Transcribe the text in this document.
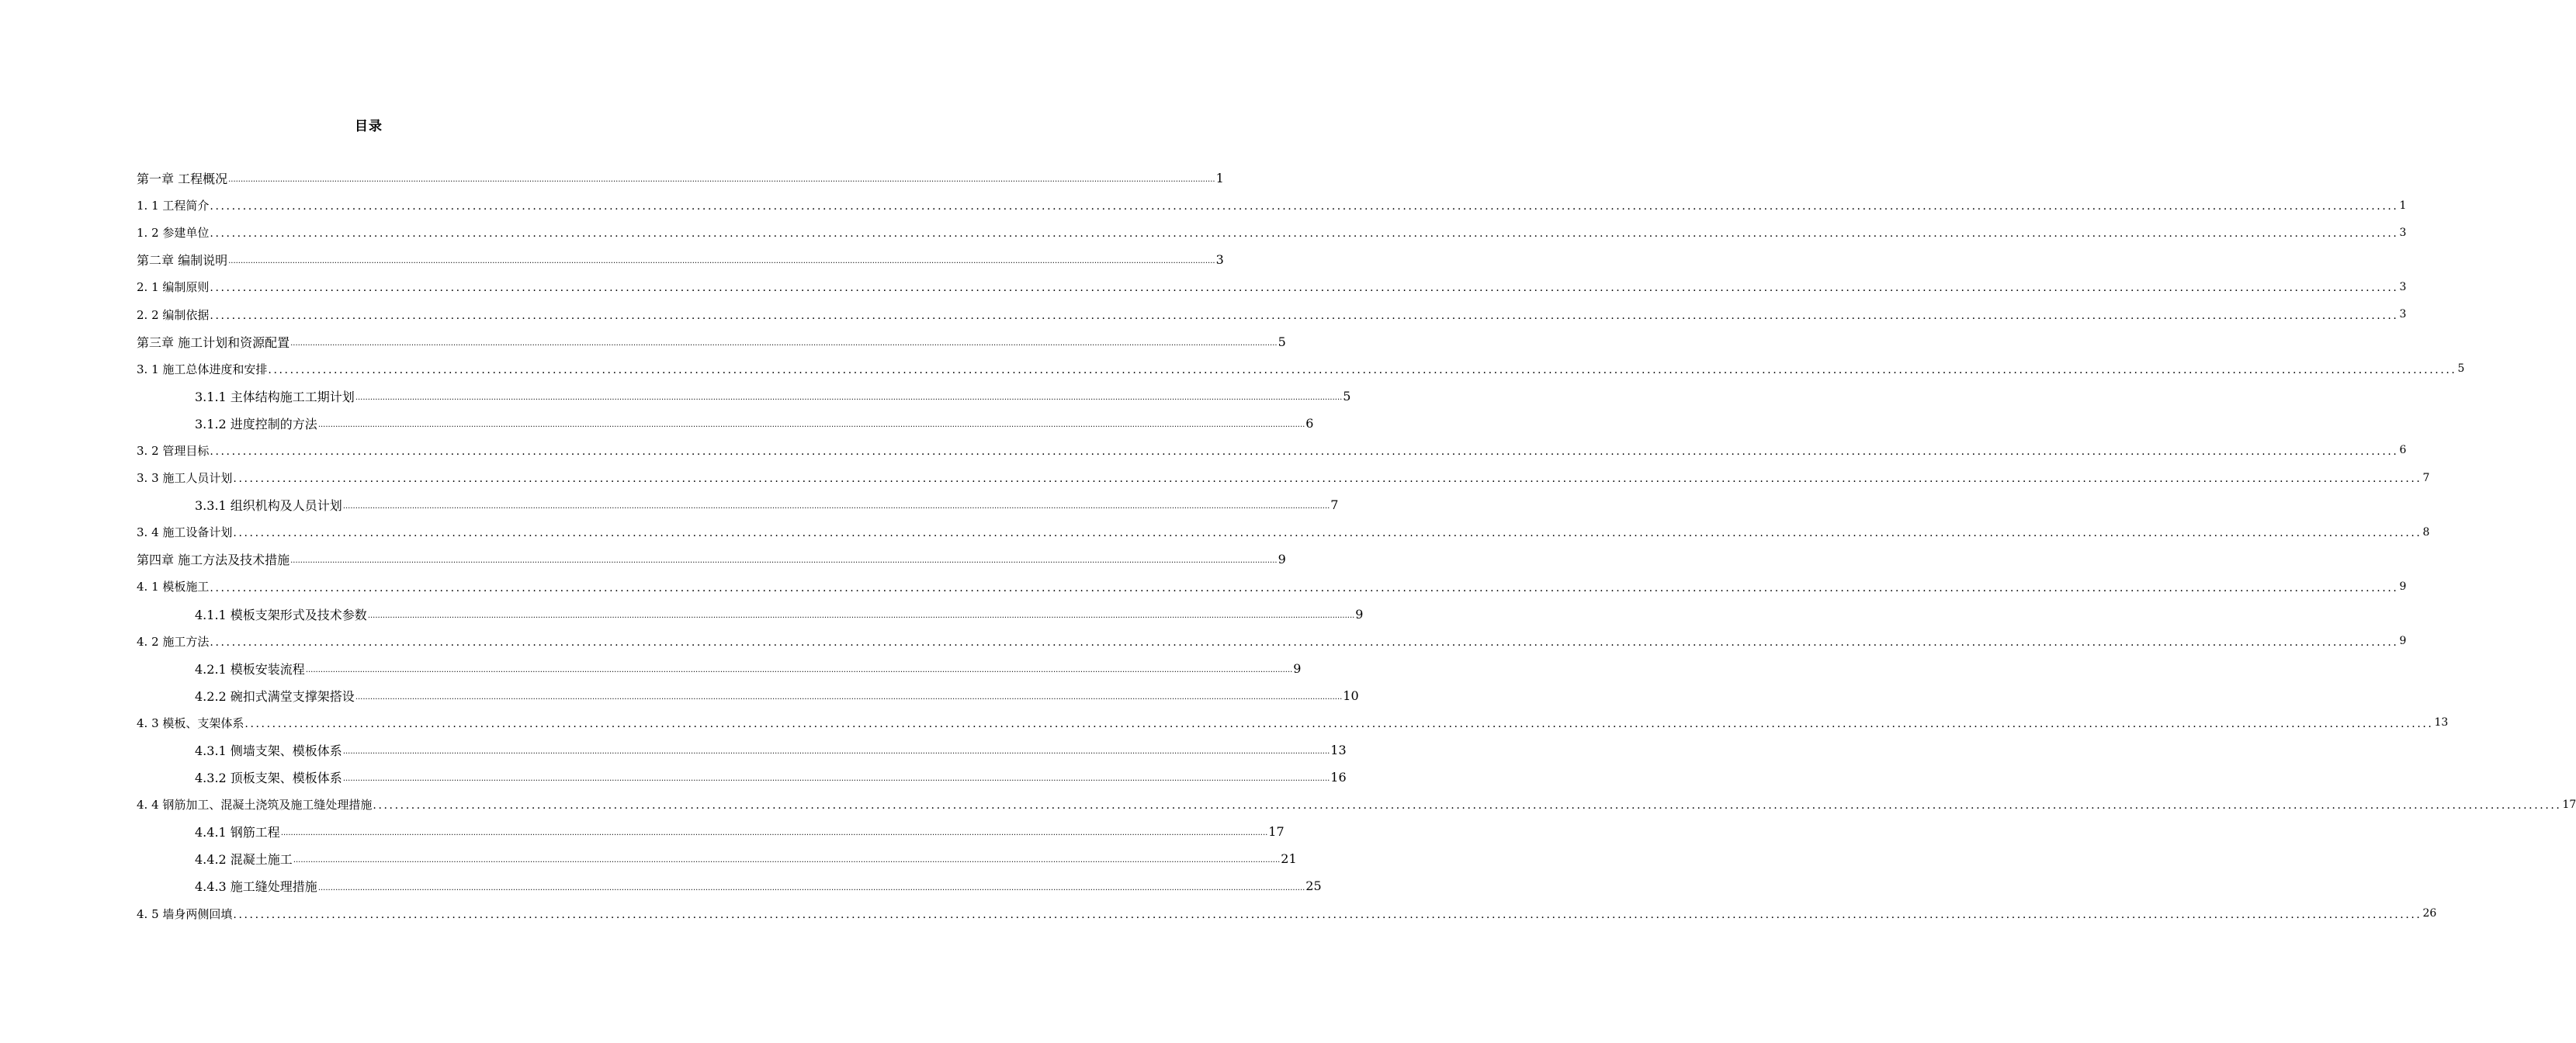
目录
第一章 工程概况 ................................................................................................................................................................................................................................................................................................................................................................................................................ 1
1. 1 工程简介 ................................................................................................................................................................................................................................................................................................................................................................................................................ 1
1. 2 参建单位 ................................................................................................................................................................................................................................................................................................................................................................................................................ 3
第二章 编制说明 ................................................................................................................................................................................................................................................................................................................................................................................................................ 3
2. 1 编制原则 ................................................................................................................................................................................................................................................................................................................................................................................................................ 3
2. 2 编制依据 ................................................................................................................................................................................................................................................................................................................................................................................................................ 3
第三章 施工计划和资源配置 ................................................................................................................................................................................................................................................................................................................................................................................................................ 5
3. 1 施工总体进度和安排 ................................................................................................................................................................................................................................................................................................................................................................................................................ 5
3.1.1 主体结构施工工期计划 ................................................................................................................................................................................................................................................................................................................................................................................................................ 5
3.1.2 进度控制的方法 ................................................................................................................................................................................................................................................................................................................................................................................................................ 6
3. 2 管理目标 ................................................................................................................................................................................................................................................................................................................................................................................................................ 6
3. 3 施工人员计划 ................................................................................................................................................................................................................................................................................................................................................................................................................ 7
3.3.1 组织机构及人员计划 ................................................................................................................................................................................................................................................................................................................................................................................................................ 7
3. 4 施工设备计划 ................................................................................................................................................................................................................................................................................................................................................................................................................ 8
第四章 施工方法及技术措施 ................................................................................................................................................................................................................................................................................................................................................................................................................ 9
4. 1 模板施工 ................................................................................................................................................................................................................................................................................................................................................................................................................ 9
4.1.1 模板支架形式及技术参数 ................................................................................................................................................................................................................................................................................................................................................................................................................ 9
4. 2 施工方法 ................................................................................................................................................................................................................................................................................................................................................................................................................ 9
4.2.1 模板安装流程 ................................................................................................................................................................................................................................................................................................................................................................................................................ 9
4.2.2 碗扣式满堂支撑架搭设 ................................................................................................................................................................................................................................................................................................................................................................................................................ 10
4. 3 模板、支架体系 ................................................................................................................................................................................................................................................................................................................................................................................................................ 13
4.3.1 侧墙支架、模板体系 ................................................................................................................................................................................................................................................................................................................................................................................................................ 13
4.3.2 顶板支架、模板体系 ................................................................................................................................................................................................................................................................................................................................................................................................................ 16
4. 4 钢筋加工、混凝土浇筑及施工缝处理措施 ................................................................................................................................................................................................................................................................................................................................................................................................................ 17
4.4.1 钢筋工程 ................................................................................................................................................................................................................................................................................................................................................................................................................ 17
4.4.2 混凝土施工 ................................................................................................................................................................................................................................................................................................................................................................................................................ 21
4.4.3 施工缝处理措施 ................................................................................................................................................................................................................................................................................................................................................................................................................ 25
4. 5 墙身两侧回填 ................................................................................................................................................................................................................................................................................................................................................................................................................ 26
